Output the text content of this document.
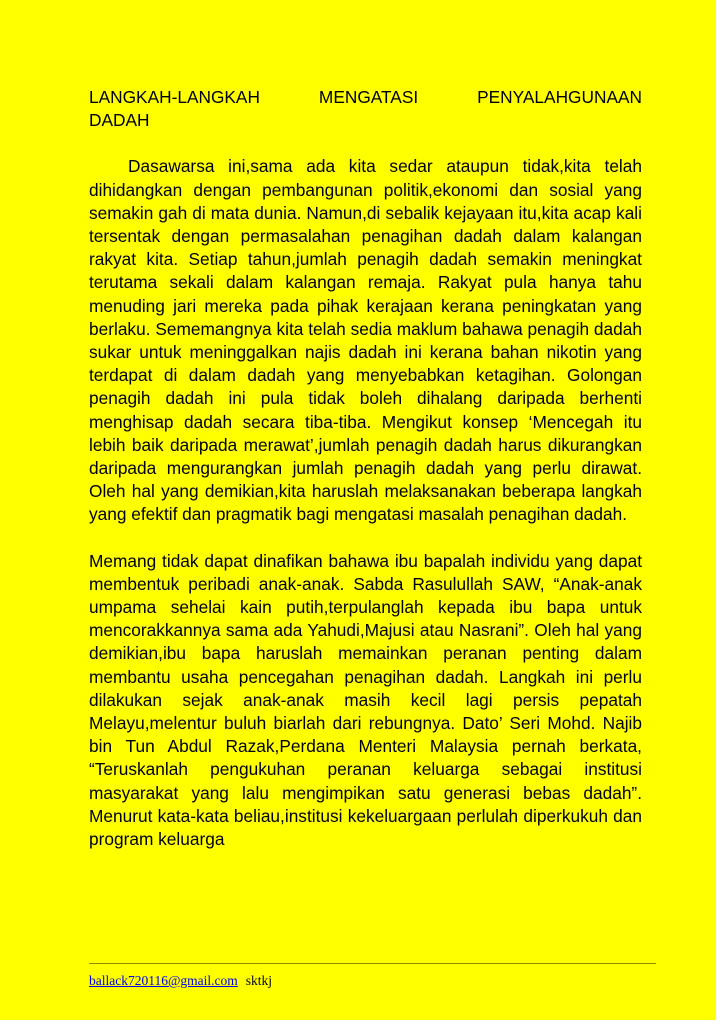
LANGKAH-LANGKAH MENGATASI PENYALAHGUNAAN
DADAH

Dasawarsa ini,sama ada kita sedar ataupun tidak,kita telah dihidangkan dengan pembangunan politik,ekonomi dan sosial yang semakin gah di mata dunia. Namun,di sebalik kejayaan itu,kita acap kali tersentak dengan permasalahan penagihan dadah dalam kalangan rakyat kita. Setiap tahun,jumlah penagih dadah semakin meningkat terutama sekali dalam kalangan remaja. Rakyat pula hanya tahu menuding jari mereka pada pihak kerajaan kerana peningkatan yang berlaku. Sememangnya kita telah sedia maklum bahawa penagih dadah sukar untuk meninggalkan najis dadah ini kerana bahan nikotin yang terdapat di dalam dadah yang menyebabkan ketagihan. Golongan penagih dadah ini pula tidak boleh dihalang daripada berhenti menghisap dadah secara tiba-tiba. Mengikut konsep ‘Mencegah itu lebih baik daripada merawat’,jumlah penagih dadah harus dikurangkan daripada mengurangkan jumlah penagih dadah yang perlu dirawat. Oleh hal yang demikian,kita haruslah melaksanakan beberapa langkah yang efektif dan pragmatik bagi mengatasi masalah penagihan dadah.

Memang tidak dapat dinafikan bahawa ibu bapalah individu yang dapat membentuk peribadi anak-anak. Sabda Rasulullah SAW, “Anak-anak umpama sehelai kain putih,terpulanglah kepada ibu bapa untuk mencorakkannya sama ada Yahudi,Majusi atau Nasrani”. Oleh hal yang demikian,ibu bapa haruslah memainkan peranan penting dalam membantu usaha pencegahan penagihan dadah. Langkah ini perlu dilakukan sejak anak-anak masih kecil lagi persis pepatah Melayu,melentur buluh biarlah dari rebungnya. Dato’ Seri Mohd. Najib bin Tun Abdul Razak,Perdana Menteri Malaysia pernah berkata, “Teruskanlah pengukuhan peranan keluarga sebagai institusi masyarakat yang lalu mengimpikan satu generasi bebas dadah”. Menurut kata-kata beliau,institusi kekeluargaan perlulah diperkukuh dan program keluarga

ballack720116@gmail.com sktkj
